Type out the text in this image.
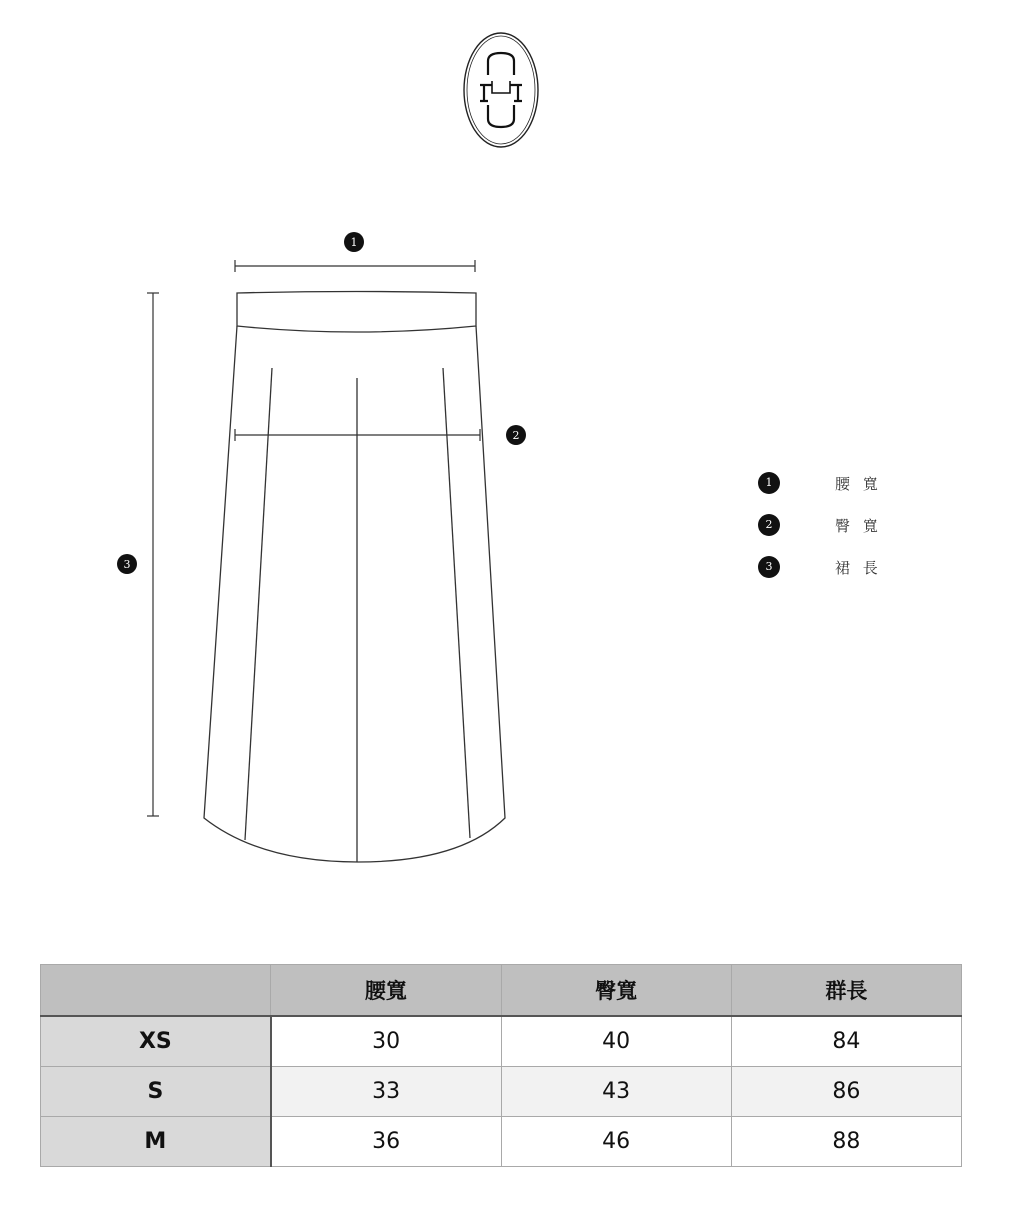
1
3
2
1	腰 寬
2	臀 寬
3	裙 長
	腰寬	臀寬	群長
XS	30	40	84
S	33	43	86
M	36	46	88
